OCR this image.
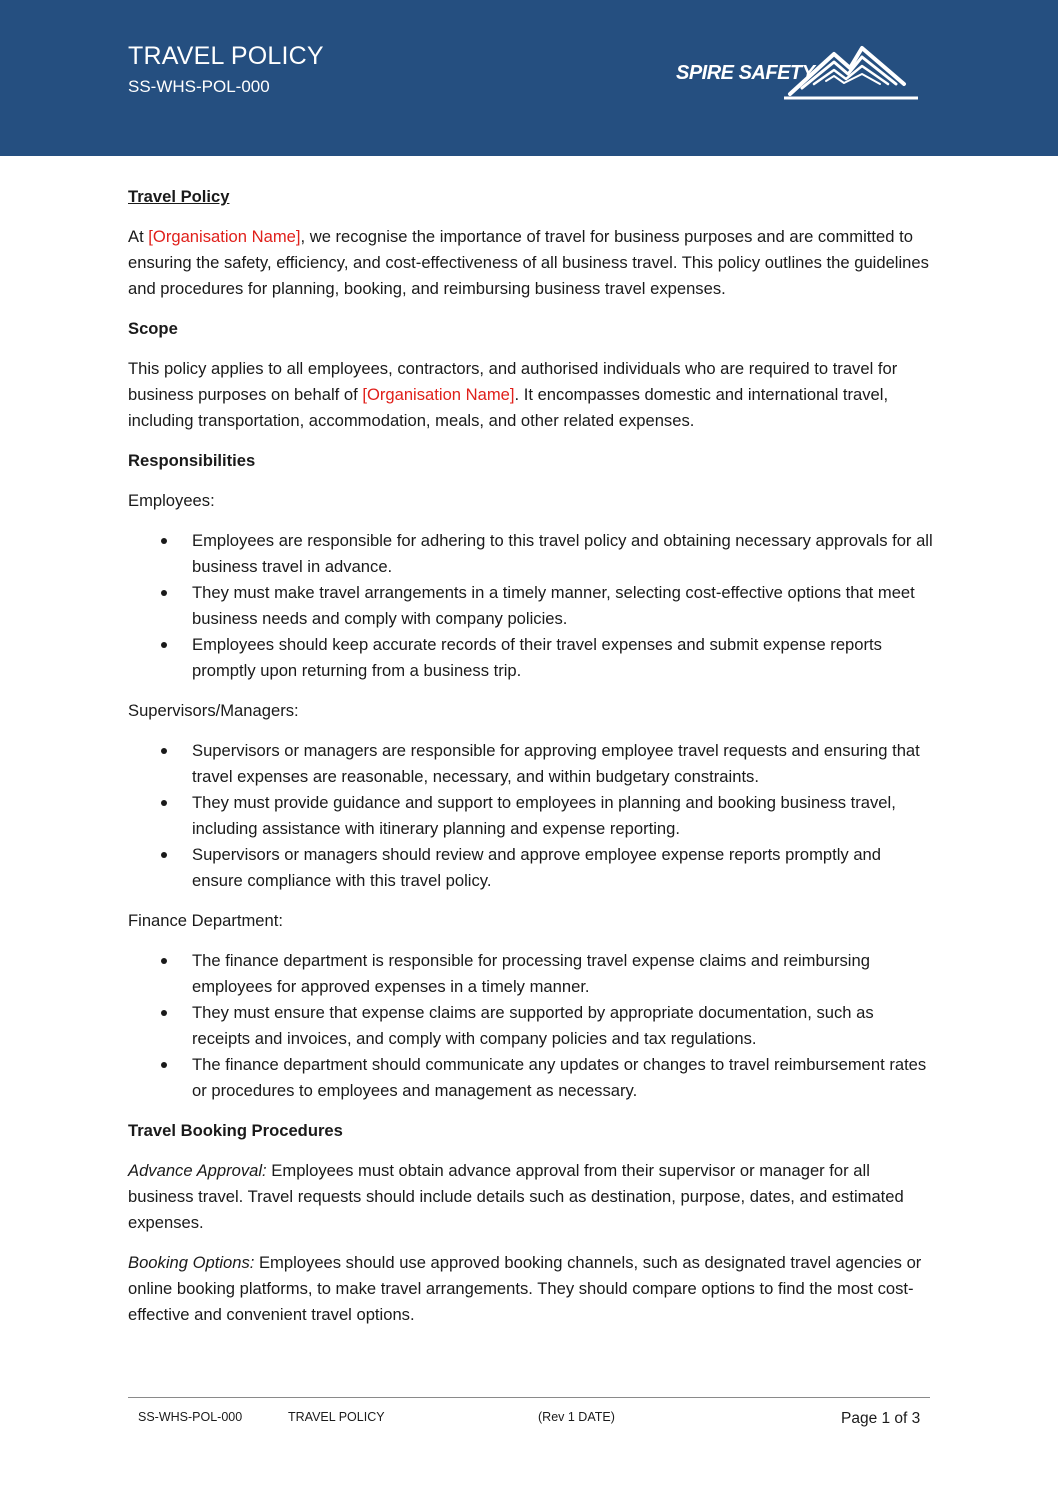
TRAVEL POLICY
SS-WHS-POL-000
SPIRE SAFETY
Travel Policy

At [Organisation Name], we recognise the importance of travel for business purposes and are committed to ensuring the safety, efficiency, and cost-effectiveness of all business travel. This policy outlines the guidelines and procedures for planning, booking, and reimbursing business travel expenses.

Scope

This policy applies to all employees, contractors, and authorised individuals who are required to travel for business purposes on behalf of [Organisation Name]. It encompasses domestic and international travel, including transportation, accommodation, meals, and other related expenses.

Responsibilities

Employees:

Employees are responsible for adhering to this travel policy and obtaining necessary approvals for all business travel in advance.
They must make travel arrangements in a timely manner, selecting cost-effective options that meet business needs and comply with company policies.
Employees should keep accurate records of their travel expenses and submit expense reports promptly upon returning from a business trip.

Supervisors/Managers:

Supervisors or managers are responsible for approving employee travel requests and ensuring that travel expenses are reasonable, necessary, and within budgetary constraints.
They must provide guidance and support to employees in planning and booking business travel, including assistance with itinerary planning and expense reporting.
Supervisors or managers should review and approve employee expense reports promptly and ensure compliance with this travel policy.

Finance Department:

The finance department is responsible for processing travel expense claims and reimbursing employees for approved expenses in a timely manner.
They must ensure that expense claims are supported by appropriate documentation, such as receipts and invoices, and comply with company policies and tax regulations.
The finance department should communicate any updates or changes to travel reimbursement rates or procedures to employees and management as necessary.
Travel Booking Procedures

Advance Approval: Employees must obtain advance approval from their supervisor or manager for all business travel. Travel requests should include details such as destination, purpose, dates, and estimated expenses.

Booking Options: Employees should use approved booking channels, such as designated travel agencies or online booking platforms, to make travel arrangements. They should compare options to find the most cost-effective and convenient travel options.

SS-WHS-POL-000	TRAVEL POLICY	(Rev 1 DATE)	Page 1 of 3
